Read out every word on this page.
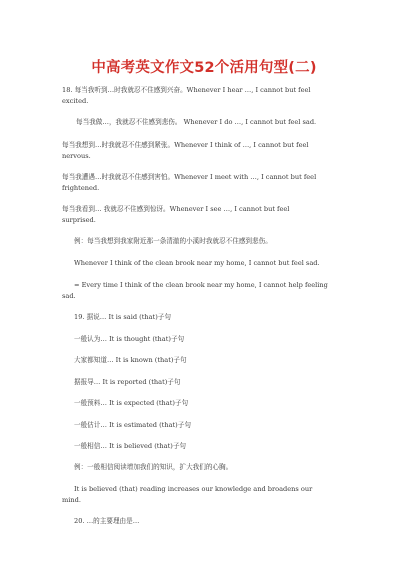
中高考英文作文52个活用句型(二)
18. 每当我听到…时我就忍不住感到兴奋。Whenever I hear …, I cannot but feel
excited.
每当我做…，我就忍不住感到悲伤。 Whenever I do …, I cannot but feel sad.
每当我想到…时我就忍不住感到紧张。Whenever I think of …, I cannot but feel
nervous.
每当我遭遇…时我就忍不住感到害怕。Whenever I meet with …, I cannot but feel
frightened.
每当我看到… 我就忍不住感到惊讶。Whenever I see …, I cannot but feel
surprised.
例：每当我想到我家附近那一条清澈的小溪时我就忍不住感到悲伤。
Whenever I think of the clean brook near my home, I cannot but feel sad.
= Every time I think of the clean brook near my home, I cannot help feeling
sad.
19. 据说… It is said (that)子句
一般认为… It is thought (that)子句
大家都知道… It is known (that)子句
据报导… It is reported (that)子句
一般预料… It is expected (that)子句
一般估计… It is estimated (that)子句
一般相信… It is believed (that)子句
例：一般相信阅读增加我们的知识，扩大我们的心胸。
It is believed (that) reading increases our knowledge and broadens our
mind.
20. …的主要理由是…
